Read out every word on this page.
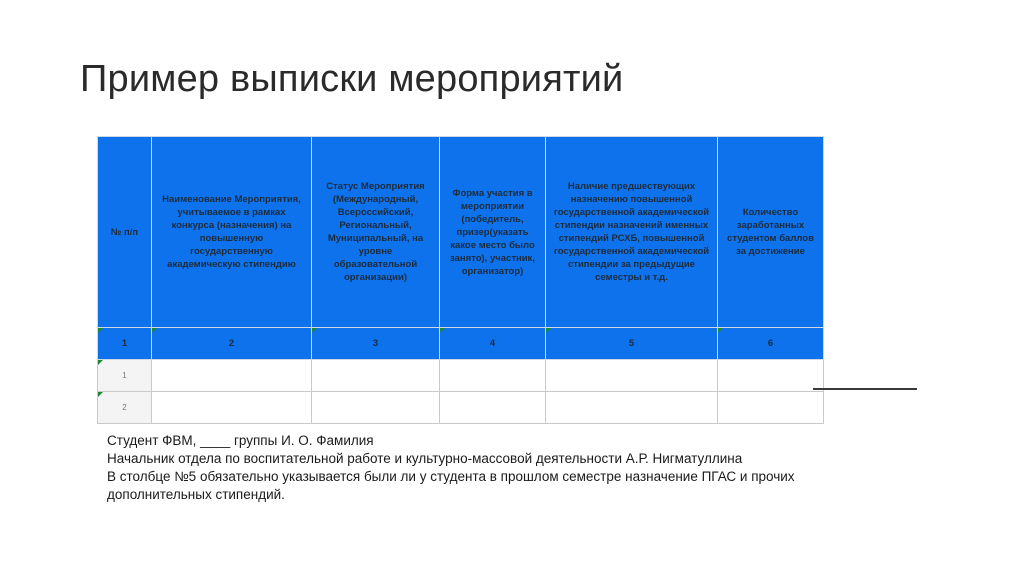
Пример выписки мероприятий
№ п/п	Наименование Мероприятия, учитываемое в рамках конкурса (назначения) на повышенную государственную академическую стипендию	Статус Мероприятия (Международный, Всероссийский, Региональный, Муниципальный, на уровне образовательной организации)	Форма участия в мероприятии (победитель, призер(указать какое место было занято), участник, организатор)	Наличие предшествующих назначению повышенной государственной академической стипендии назначений именных стипендий РСХБ, повышенной государственной академической стипендии за предыдущие семестры и т.д.	Количество заработанных студентом баллов за достижение

1	2	3	4	5	6

1					

2					

Студент ФВМ, ____ группы И. О. Фамилия

Начальник отдела по воспитательной работе и культурно-массовой деятельности А.Р. Нигматуллина

В столбце №5 обязательно указывается были ли у студента в прошлом семестре назначение ПГАС и прочих дополнительных стипендий.
